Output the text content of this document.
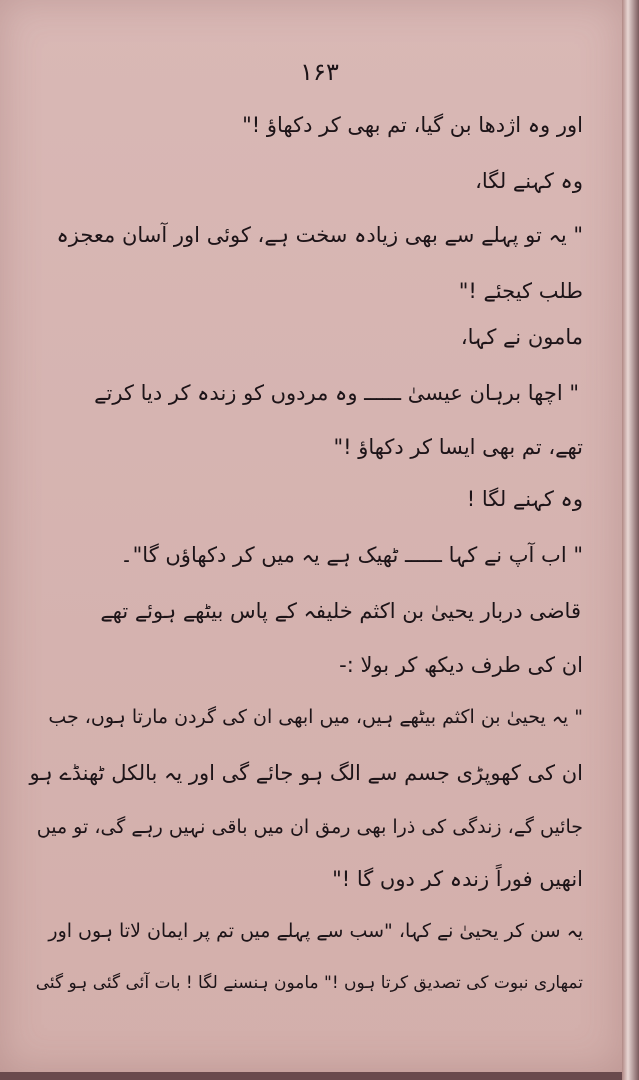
۱۶۳
اور وہ اژدھا بن گیا، تم بھی کر دکھاؤ !"
وہ کہنے لگا،
" یہ تو پہلے سے بھی زیادہ سخت ہے، کوئی اور آسان معجزہ
طلب کیجئے !"
مامون نے کہا،
" اچھا برہان عیسیٰ ــــــ وہ مردوں کو زندہ کر دیا کرتے
تھے، تم بھی ایسا کر دکھاؤ !"
وہ کہنے لگا !
" اب آپ نے کہا ــــــ ٹھیک ہے یہ میں کر دکھاؤں گا"۔
قاضی دربار یحییٰ بن اکثم خلیفہ کے پاس بیٹھے ہوئے تھے
ان کی طرف دیکھ کر بولا :-
" یہ یحییٰ بن اکثم بیٹھے ہیں، میں ابھی ان کی گردن مارتا ہوں، جب
ان کی کھوپڑی جسم سے الگ ہو جائے گی اور یہ بالکل ٹھنڈے ہو
جائیں گے، زندگی کی ذرا بھی رمق ان میں باقی نہیں رہے گی، تو میں
انھیں فوراً زندہ کر دوں گا !"
یہ سن کر یحییٰ نے کہا، "سب سے پہلے میں تم پر ایمان لاتا ہوں اور
تمھاری نبوت کی تصدیق کرتا ہوں !" مامون ہنسنے لگا ! بات آئی گئی ہو گئی
